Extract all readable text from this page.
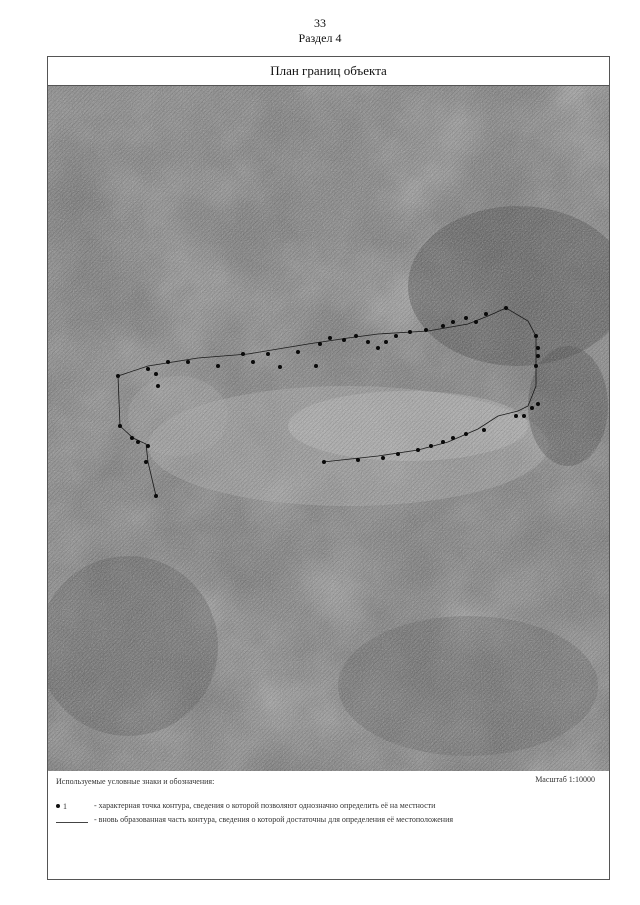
33
Раздел 4
План границ объекта
Используемые условные знаки и обозначения:	Масштаб 1:10000
1	- характерная точка контура, сведения о которой позволяют однозначно определить её на местности
- вновь образованная часть контура, сведения о которой достаточны для определения её местоположения
